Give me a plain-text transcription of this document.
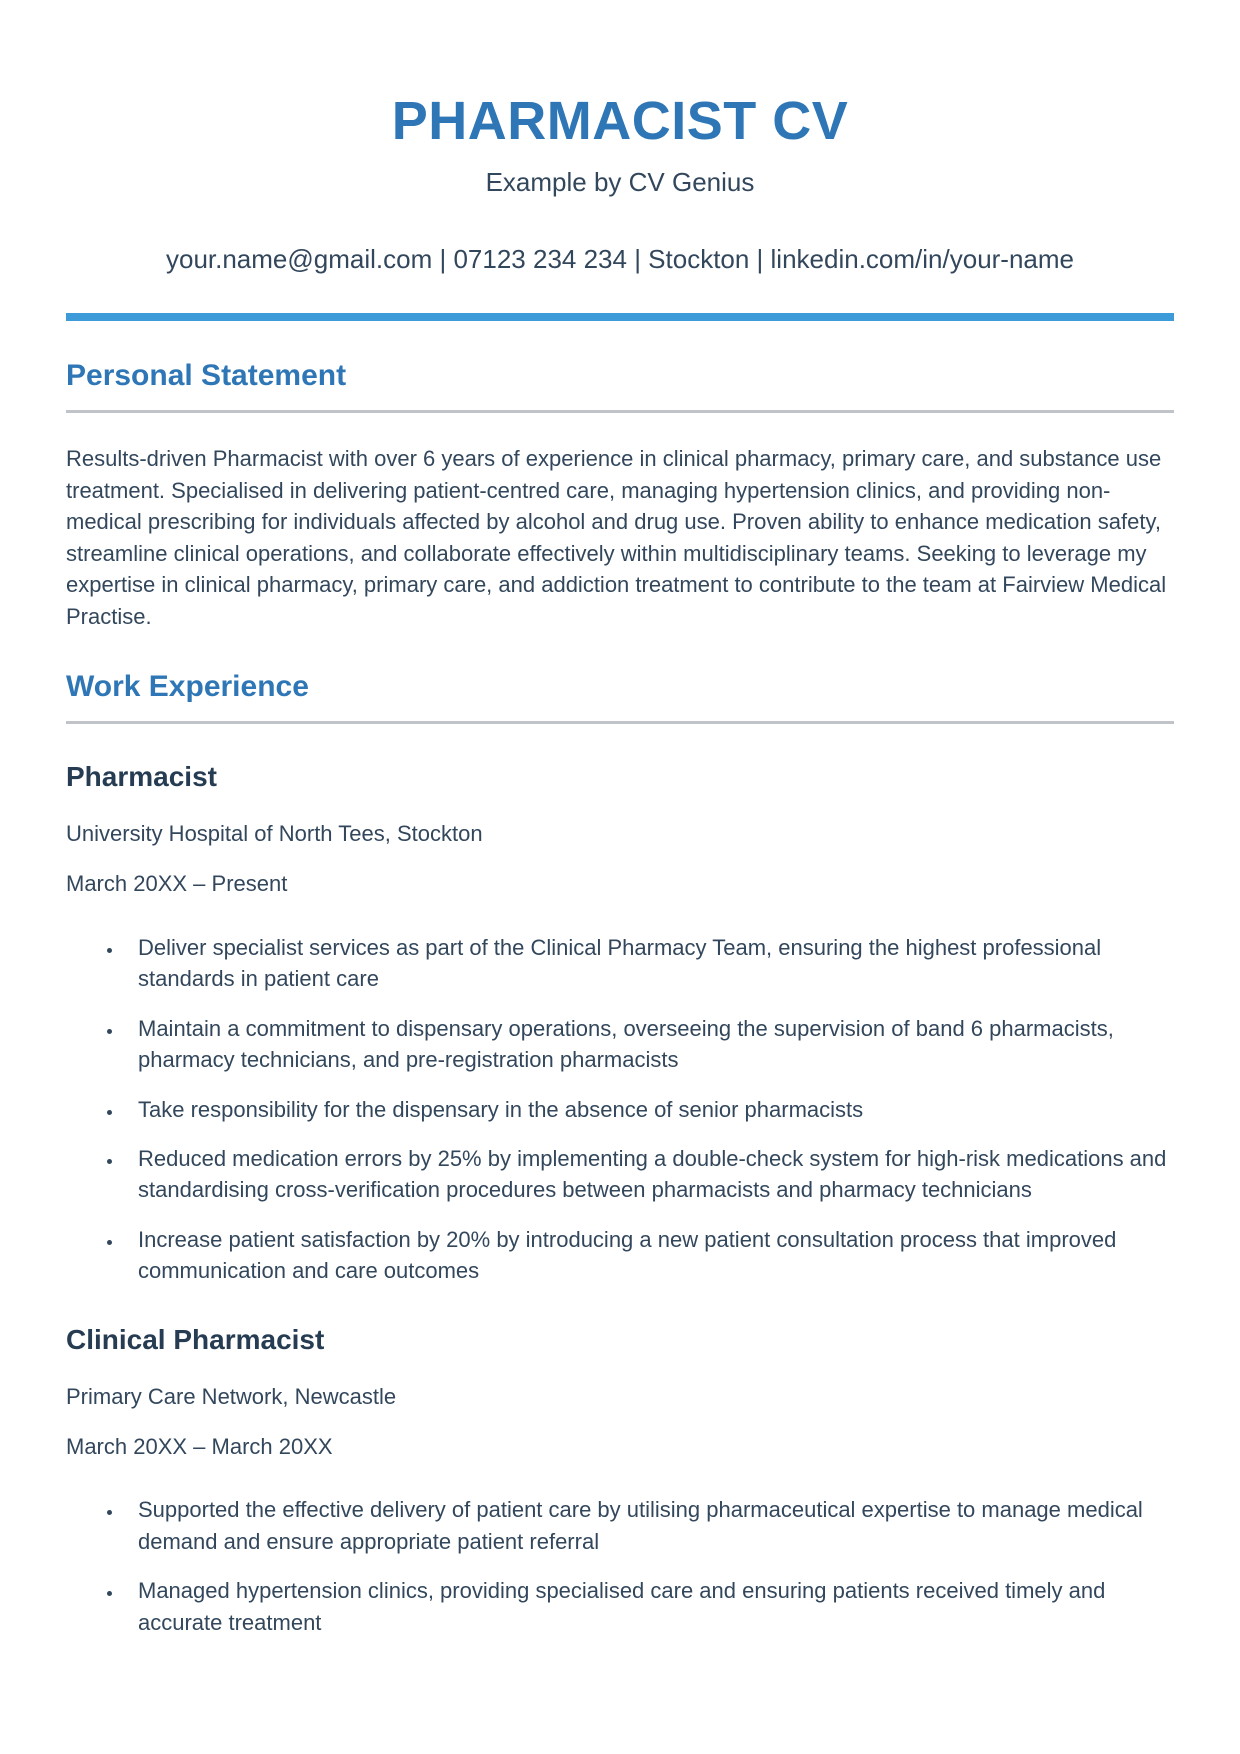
PHARMACIST CV

Example by CV Genius

your.name@gmail.com | 07123 234 234 | Stockton | linkedin.com/in/your-name

Personal Statement

Results-driven Pharmacist with over 6 years of experience in clinical pharmacy, primary care, and substance use treatment. Specialised in delivering patient-centred care, managing hypertension clinics, and providing non-medical prescribing for individuals affected by alcohol and drug use. Proven ability to enhance medication safety, streamline clinical operations, and collaborate effectively within multidisciplinary teams. Seeking to leverage my expertise in clinical pharmacy, primary care, and addiction treatment to contribute to the team at Fairview Medical Practise.

Work Experience
Pharmacist

University Hospital of North Tees, Stockton

March 20XX – Present

• Deliver specialist services as part of the Clinical Pharmacy Team, ensuring the highest professional standards in patient care
• Maintain a commitment to dispensary operations, overseeing the supervision of band 6 pharmacists, pharmacy technicians, and pre-registration pharmacists
• Take responsibility for the dispensary in the absence of senior pharmacists
• Reduced medication errors by 25% by implementing a double-check system for high-risk medications and standardising cross-verification procedures between pharmacists and pharmacy technicians
• Increase patient satisfaction by 20% by introducing a new patient consultation process that improved communication and care outcomes
Clinical Pharmacist

Primary Care Network, Newcastle

March 20XX – March 20XX

• Supported the effective delivery of patient care by utilising pharmaceutical expertise to manage medical demand and ensure appropriate patient referral
• Managed hypertension clinics, providing specialised care and ensuring patients received timely and accurate treatment
